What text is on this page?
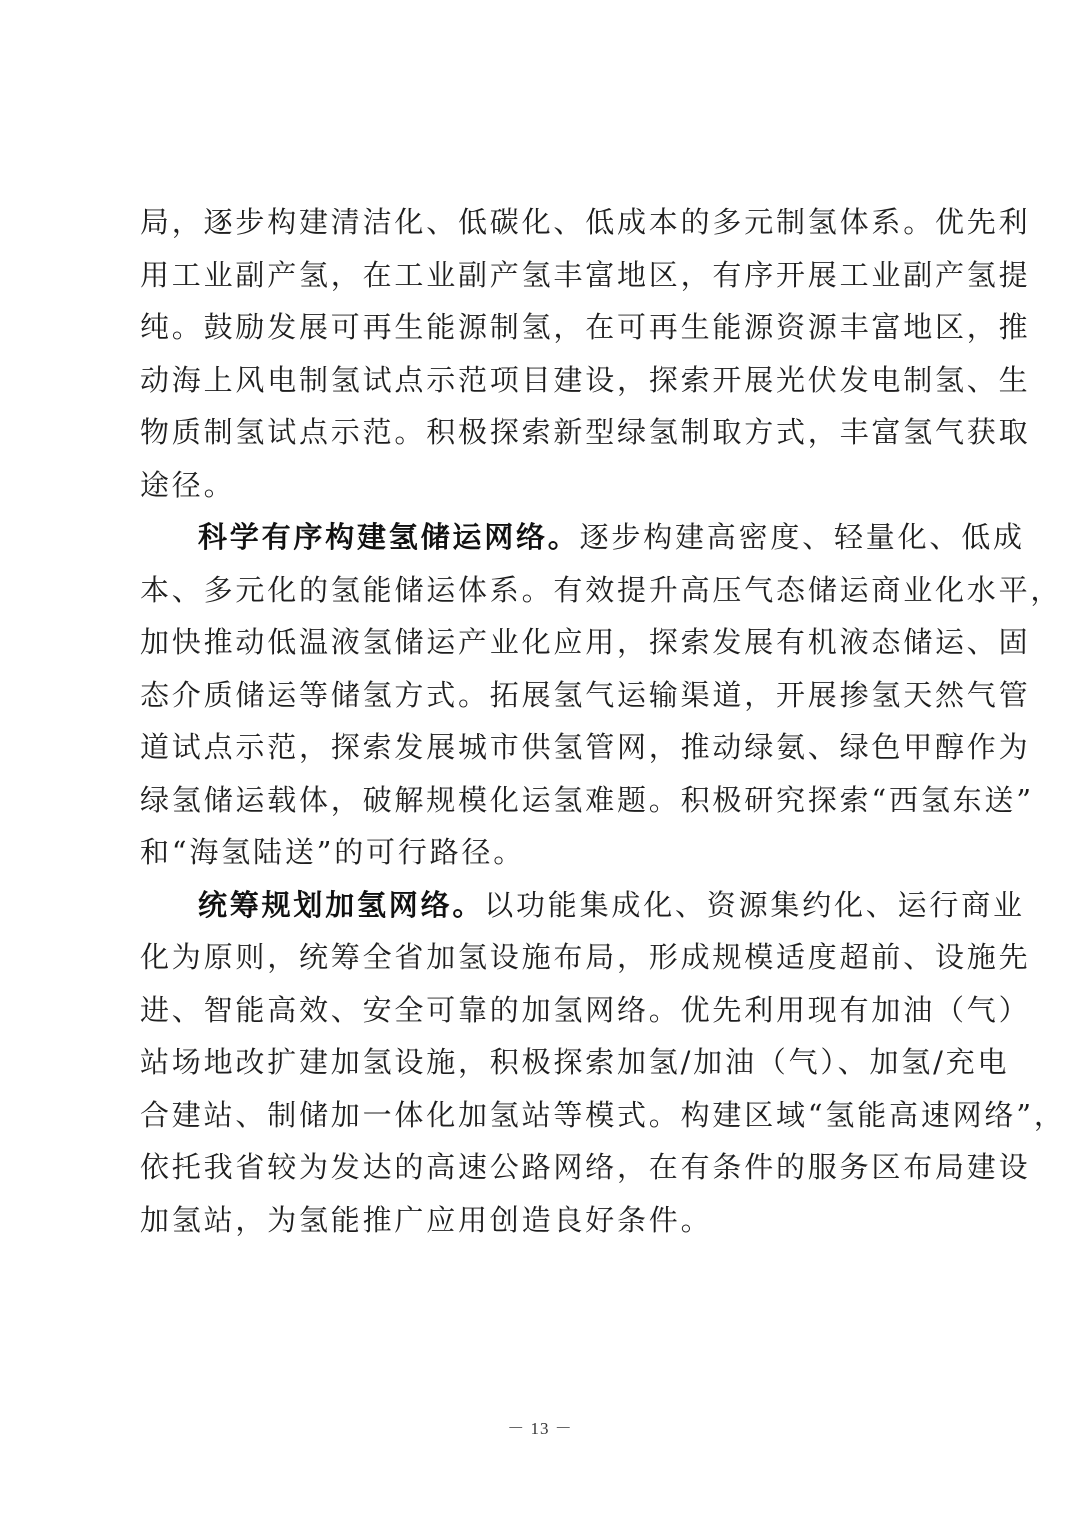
局，逐步构建清洁化、低碳化、低成本的多元制氢体系。优先利
用工业副产氢，在工业副产氢丰富地区，有序开展工业副产氢提
纯。鼓励发展可再生能源制氢，在可再生能源资源丰富地区，推
动海上风电制氢试点示范项目建设，探索开展光伏发电制氢、生
物质制氢试点示范。积极探索新型绿氢制取方式，丰富氢气获取
途径。
科学有序构建氢储运网络。逐步构建高密度、轻量化、低成
本、多元化的氢能储运体系。有效提升高压气态储运商业化水平，
加快推动低温液氢储运产业化应用，探索发展有机液态储运、固
态介质储运等储氢方式。拓展氢气运输渠道，开展掺氢天然气管
道试点示范，探索发展城市供氢管网，推动绿氨、绿色甲醇作为
绿氢储运载体，破解规模化运氢难题。积极研究探索“西氢东送”
和“海氢陆送”的可行路径。
统筹规划加氢网络。以功能集成化、资源集约化、运行商业
化为原则，统筹全省加氢设施布局，形成规模适度超前、设施先
进、智能高效、安全可靠的加氢网络。优先利用现有加油（气）
站场地改扩建加氢设施，积极探索加氢/加油（气）、加氢/充电
合建站、制储加一体化加氢站等模式。构建区域“氢能高速网络”，
依托我省较为发达的高速公路网络，在有条件的服务区布局建设
加氢站，为氢能推广应用创造良好条件。
－ 13 －
